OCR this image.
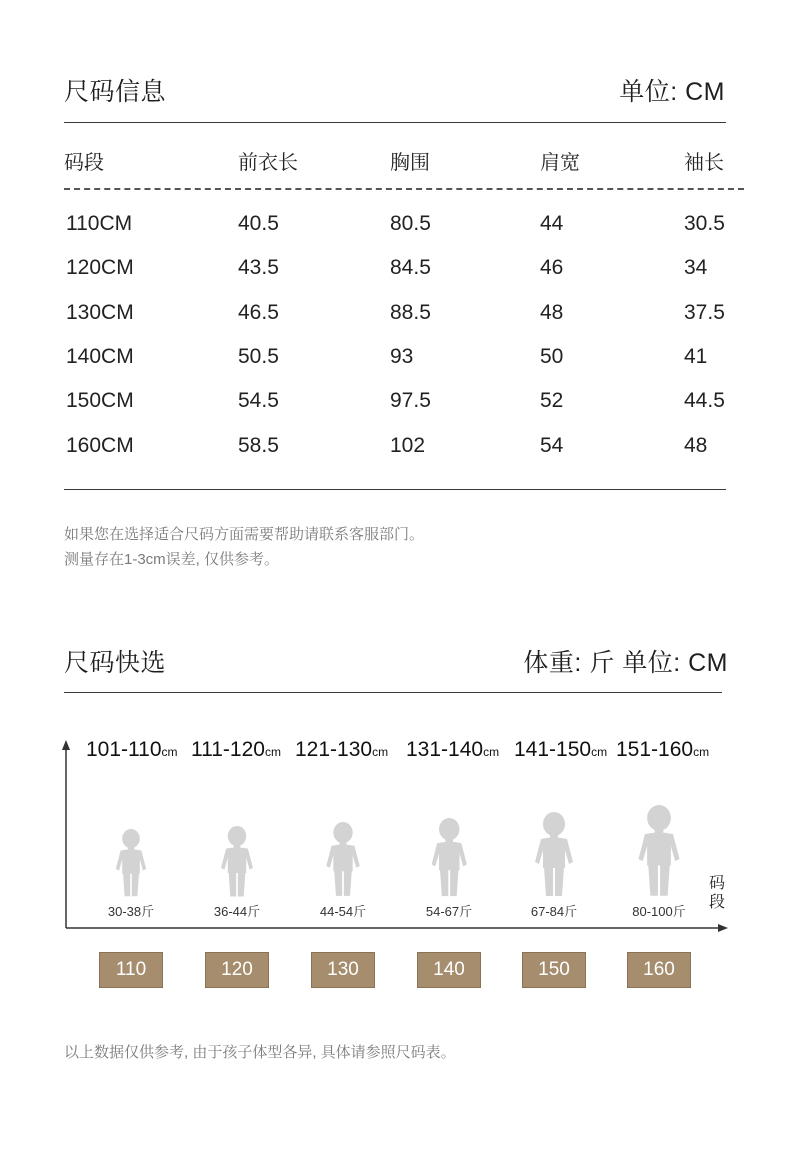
尺码信息	单位: CM
码段	前衣长	胸围	肩宽	袖长
110CM	40.5	80.5	44	30.5
120CM	43.5	84.5	46	34
130CM	46.5	88.5	48	37.5
140CM	50.5	93	50	41
150CM	54.5	97.5	52	44.5
160CM	58.5	102	54	48
如果您在选择适合尺码方面需要帮助请联系客服部门。
测量存在1-3cm误差, 仅供参考。
尺码快选	体重: 斤 单位: CM
码段
101-110cm
30-38斤
110
111-120cm
36-44斤
120
121-130cm
44-54斤
130
131-140cm
54-67斤
140
141-150cm
67-84斤
150
151-160cm
80-100斤
160
以上数据仅供参考, 由于孩子体型各异, 具体请参照尺码表。
